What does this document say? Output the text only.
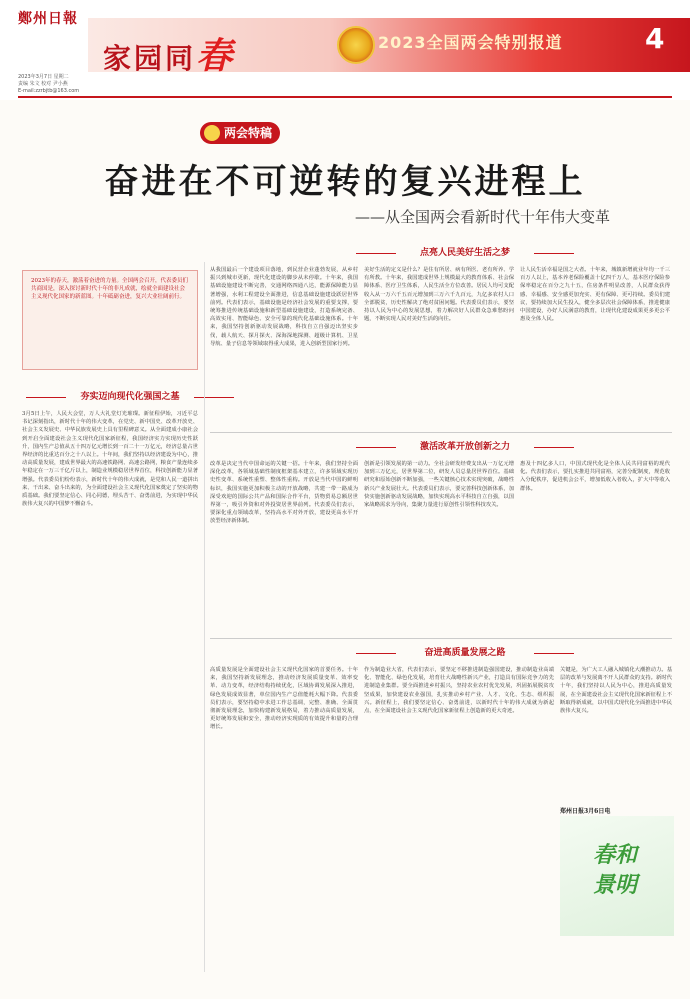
鄭州日報
家园同春	2023全国两会特别报道	4
2023年3月7日 星期二
责编 朱文 校对 尹小燕
E-mail:zzrbjtb@163.com
两会特稿
奋进在不可逆转的复兴进程上
——从全国两会看新时代十年伟大变革
2023年的春天，激荡着奋进的力量。全国两会召开，代表委员们共商国是，深入探讨新时代十年的非凡成就，绘就全面建设社会主义现代化国家的新蓝图。十年砥砺奋进，复兴大业壮阔前行。
夯实迈向现代化强国之基
3月5日上午，人民大会堂，万人大礼堂灯光璀璨。新征程伊始，习近平总书记深刻指出，新时代十年的伟大变革，在党史、新中国史、改革开放史、社会主义发展史、中华民族发展史上具有里程碑意义。从全面建成小康社会到开启全面建设社会主义现代化国家新征程，我国经济实力实现历史性跃升，国内生产总值从五十四万亿元增长到一百二十一万亿元，经济总量占世界经济的比重达百分之十八以上。十年间，我们坚持以经济建设为中心，推动高质量发展，建成世界最大的高速铁路网、高速公路网，粮食产量连续多年稳定在一万三千亿斤以上，制造业规模稳居世界首位，科技创新能力显著增强。代表委员们纷纷表示，新时代十年的伟大成就，是党和人民一道拼出来、干出来、奋斗出来的，为全面建设社会主义现代化国家奠定了坚实的物质基础。我们要坚定信心、同心同德，埋头苦干、奋勇前进，为实现中华民族伟大复兴的中国梦不懈奋斗。
点亮人民美好生活之梦
从我国最后一个建设项目落地，到民营企业蓬勃发展，从乡村振兴到城市更新，现代化建设的脚步从未停歇。十年来，我国基础设施建设不断完善，交通网络四通八达，能源保障能力显著增强，水利工程建设全面推进，信息基础设施建设跃居世界前列。代表们表示，基础设施是经济社会发展的重要支撑，要统筹推进传统基础设施和新型基础设施建设，打造系统完备、高效实用、智能绿色、安全可靠的现代化基础设施体系。十年来，我国坚持创新驱动发展战略，科技自立自强迈出坚实步伐，载人航天、探月探火、深海深地探测、超级计算机、卫星导航、量子信息等领域取得重大成果，进入创新型国家行列。
美好生活的定义是什么？是住有所居、病有所医、老有所养、学有所教。十年来，我国建成世界上规模最大的教育体系、社会保障体系、医疗卫生体系，人民生活全方位改善。居民人均可支配收入从一万六千五百元增加到三万六千九百元，九亿多农村人口全部脱贫，历史性解决了绝对贫困问题。代表委员们表示，要坚持以人民为中心的发展思想，着力解决好人民群众急难愁盼问题，不断实现人民对美好生活的向往。
让人民生活幸福是国之大者。十年来，城镇新增就业年均一千三百万人以上，基本养老保险覆盖十亿四千万人，基本医疗保险参保率稳定在百分之九十五，住房条件明显改善，人民群众获得感、幸福感、安全感更加充实、更有保障、更可持续。委员们建议，要持续加大民生投入，健全多层次社会保障体系，推进健康中国建设，办好人民满意的教育，让现代化建设成果更多更公平惠及全体人民。
激活改革开放创新之力
改革是决定当代中国命运的关键一招。十年来，我们坚持全面深化改革，各领域基础性制度框架基本建立，许多领域实现历史性变革、系统性重塑、整体性重构。开放是当代中国的鲜明标识，我国实施更加积极主动的开放战略，共建一带一路成为深受欢迎的国际公共产品和国际合作平台，货物贸易总额居世界第一，吸引外资和对外投资居世界前列。代表委员们表示，要深化重点领域改革，坚持高水平对外开放，建设更高水平开放型经济新体制。
创新是引领发展的第一动力。全社会研发经费支出从一万亿元增加到三万亿元，居世界第二位，研发人员总量居世界首位。基础研究和原始创新不断加强，一些关键核心技术实现突破，战略性新兴产业发展壮大。代表委员们表示，要完善科技创新体系，加快实施创新驱动发展战略，加快实现高水平科技自立自强，以国家战略需求为导向，集聚力量进行原创性引领性科技攻关。
惠及十四亿多人口，中国式现代化是全体人民共同富裕的现代化。代表们表示，要扎实推进共同富裕，完善分配制度，规范收入分配秩序，促进机会公平，增加低收入者收入，扩大中等收入群体。
奋进高质量发展之路
高质量发展是全面建设社会主义现代化国家的首要任务。十年来，我国坚持新发展理念，推动经济发展质量变革、效率变革、动力变革，经济结构持续优化，区域协调发展深入推进，绿色发展成效显著，单位国内生产总值能耗大幅下降。代表委员们表示，要坚持稳中求进工作总基调，完整、准确、全面贯彻新发展理念，加快构建新发展格局，着力推动高质量发展，更好统筹发展和安全，推动经济实现质的有效提升和量的合理增长。
作为制造业大省，代表们表示，要坚定不移推进制造强国建设，推动制造业高端化、智能化、绿色化发展，培育壮大战略性新兴产业，打造具有国际竞争力的先进制造业集群。要全面推进乡村振兴，坚持农业农村优先发展，巩固拓展脱贫攻坚成果，加快建设农业强国，扎实推动乡村产业、人才、文化、生态、组织振兴。新征程上，我们要坚定信心、奋勇前进，以新时代十年的伟大成就为新起点，在全面建设社会主义现代化国家新征程上创造新的更大奇迹。
关键是，为广大工人融入城镇化大潮推动力。基层的改革与发展离不开人民群众的支持。新时代十年，我们坚持以人民为中心，推进高质量发展，在全面建设社会主义现代化国家新征程上不断取得新成就，以中国式现代化全面推进中华民族伟大复兴。
郑州日报3月6日电
春和
景明
